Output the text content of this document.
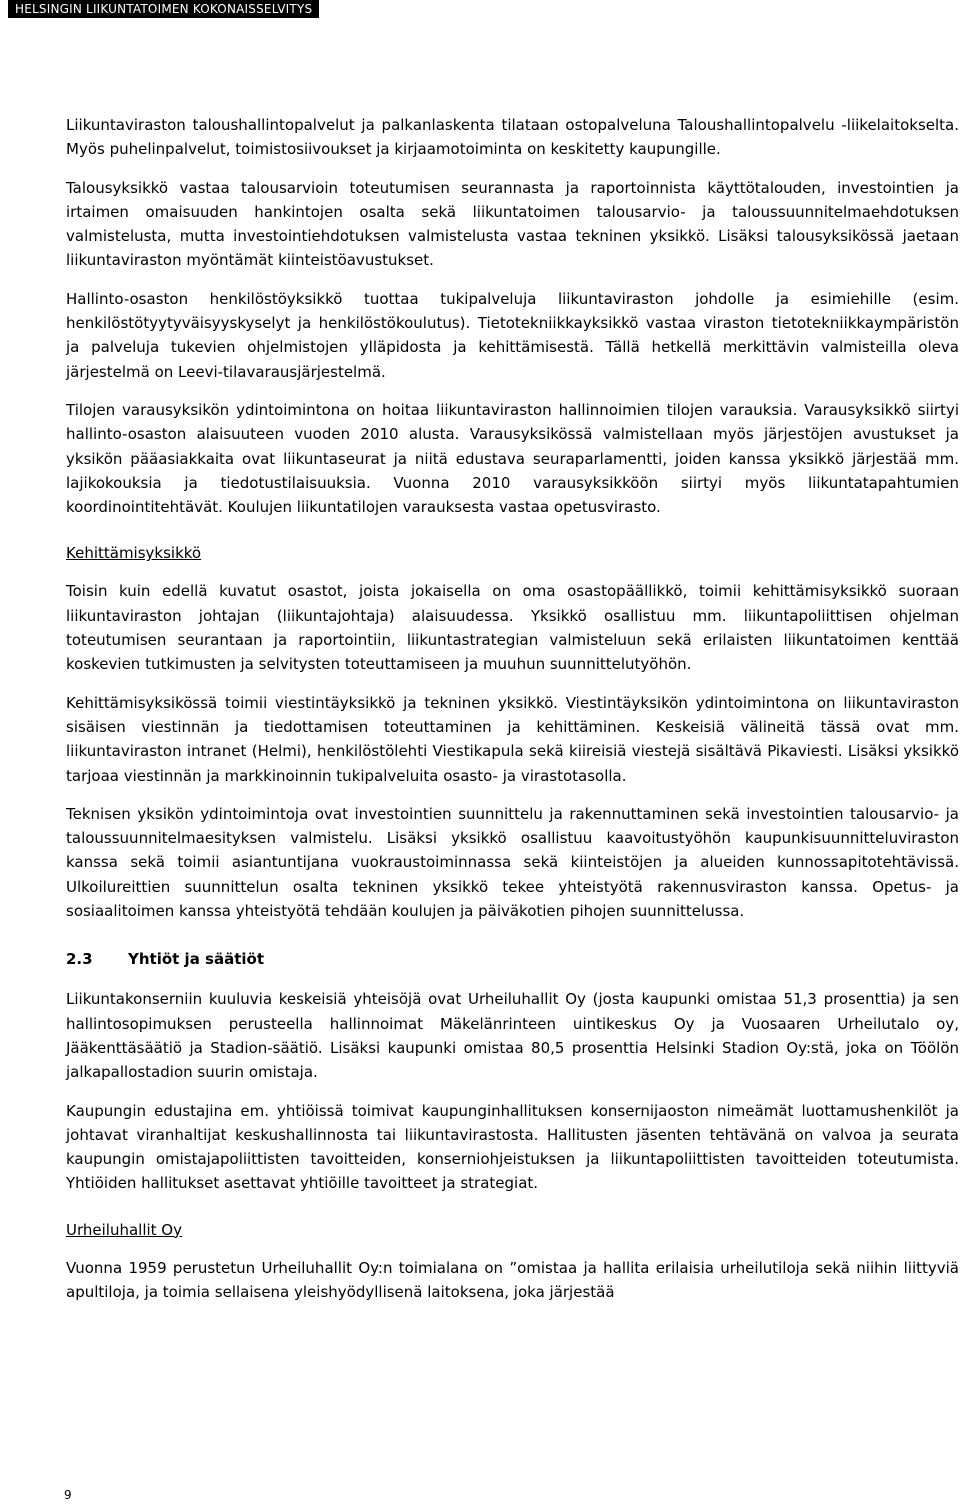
HELSINGIN LIIKUNTATOIMEN KOKONAISSELVITYS

Liikuntaviraston taloushallintopalvelut ja palkanlaskenta tilataan ostopalveluna Taloushallintopalvelu -liikelaitokselta. Myös puhelinpalvelut, toimistosiivoukset ja kirjaamotoiminta on keskitetty kaupungille.

Talousyksikkö vastaa talousarvioin toteutumisen seurannasta ja raportoinnista käyttötalouden, investointien ja irtaimen omaisuuden hankintojen osalta sekä liikuntatoimen talousarvio- ja taloussuunnitelmaehdotuksen valmistelusta, mutta investointiehdotuksen valmistelusta vastaa tekninen yksikkö. Lisäksi talousyksikössä jaetaan liikuntaviraston myöntämät kiinteistöavustukset.

Hallinto-osaston henkilöstöyksikkö tuottaa tukipalveluja liikuntaviraston johdolle ja esimiehille (esim. henkilöstötyytyväisyyskyselyt ja henkilöstökoulutus). Tietotekniikkayksikkö vastaa viraston tietotekniikkaympäristön ja palveluja tukevien ohjelmistojen ylläpidosta ja kehittämisestä. Tällä hetkellä merkittävin valmisteilla oleva järjestelmä on Leevi-tilavarausjärjestelmä.

Tilojen varausyksikön ydintoimintona on hoitaa liikuntaviraston hallinnoimien tilojen varauksia. Varausyksikkö siirtyi hallinto-osaston alaisuuteen vuoden 2010 alusta. Varausyksikössä valmistellaan myös järjestöjen avustukset ja yksikön pääasiakkaita ovat liikuntaseurat ja niitä edustava seuraparlamentti, joiden kanssa yksikkö järjestää mm. lajikokouksia ja tiedotustilaisuuksia. Vuonna 2010 varausyksikköön siirtyi myös liikuntatapahtumien koordinointitehtävät. Koulujen liikuntatilojen varauksesta vastaa opetusvirasto.

Kehittämisyksikkö

Toisin kuin edellä kuvatut osastot, joista jokaisella on oma osastopäällikkö, toimii kehittämisyksikkö suoraan liikuntaviraston johtajan (liikuntajohtaja) alaisuudessa. Yksikkö osallistuu mm. liikuntapoliittisen ohjelman toteutumisen seurantaan ja raportointiin, liikuntastrategian valmisteluun sekä erilaisten liikuntatoimen kenttää koskevien tutkimusten ja selvitysten toteuttamiseen ja muuhun suunnittelutyöhön.

Kehittämisyksikössä toimii viestintäyksikkö ja tekninen yksikkö. Viestintäyksikön ydintoimintona on liikuntaviraston sisäisen viestinnän ja tiedottamisen toteuttaminen ja kehittäminen. Keskeisiä välineitä tässä ovat mm. liikuntaviraston intranet (Helmi), henkilöstölehti Viestikapula sekä kiireisiä viestejä sisältävä Pikaviesti. Lisäksi yksikkö tarjoaa viestinnän ja markkinoinnin tukipalveluita osasto- ja virastotasolla.

Teknisen yksikön ydintoimintoja ovat investointien suunnittelu ja rakennuttaminen sekä investointien talousarvio- ja taloussuunnitelmaesityksen valmistelu. Lisäksi yksikkö osallistuu kaavoitustyöhön kaupunkisuunnitteluviraston kanssa sekä toimii asiantuntijana vuokraustoiminnassa sekä kiinteistöjen ja alueiden kunnossapitotehtävissä. Ulkoilureittien suunnittelun osalta tekninen yksikkö tekee yhteistyötä rakennusviraston kanssa. Opetus- ja sosiaalitoimen kanssa yhteistyötä tehdään koulujen ja päiväkotien pihojen suunnittelussa.

2.3	Yhtiöt ja säätiöt

Liikuntakonserniin kuuluvia keskeisiä yhteisöjä ovat Urheiluhallit Oy (josta kaupunki omistaa 51,3 prosenttia) ja sen hallintosopimuksen perusteella hallinnoimat Mäkelänrinteen uintikeskus Oy ja Vuosaaren Urheilutalo oy, Jääkenttäsäätiö ja Stadion-säätiö. Lisäksi kaupunki omistaa 80,5 prosenttia Helsinki Stadion Oy:stä, joka on Töölön jalkapallostadion suurin omistaja.

Kaupungin edustajina em. yhtiöissä toimivat kaupunginhallituksen konsernijaoston nimeämät luottamushenkilöt ja johtavat viranhaltijat keskushallinnosta tai liikuntavirastosta. Hallitusten jäsenten tehtävänä on valvoa ja seurata kaupungin omistajapoliittisten tavoitteiden, konserniohjeistuksen ja liikuntapoliittisten tavoitteiden toteutumista. Yhtiöiden hallitukset asettavat yhtiöille tavoitteet ja strategiat.

Urheiluhallit Oy

Vuonna 1959 perustetun Urheiluhallit Oy:n toimialana on ”omistaa ja hallita erilaisia urheilutiloja sekä niihin liittyviä apultiloja, ja toimia sellaisena yleishyödyllisenä laitoksena, joka järjestää

9
